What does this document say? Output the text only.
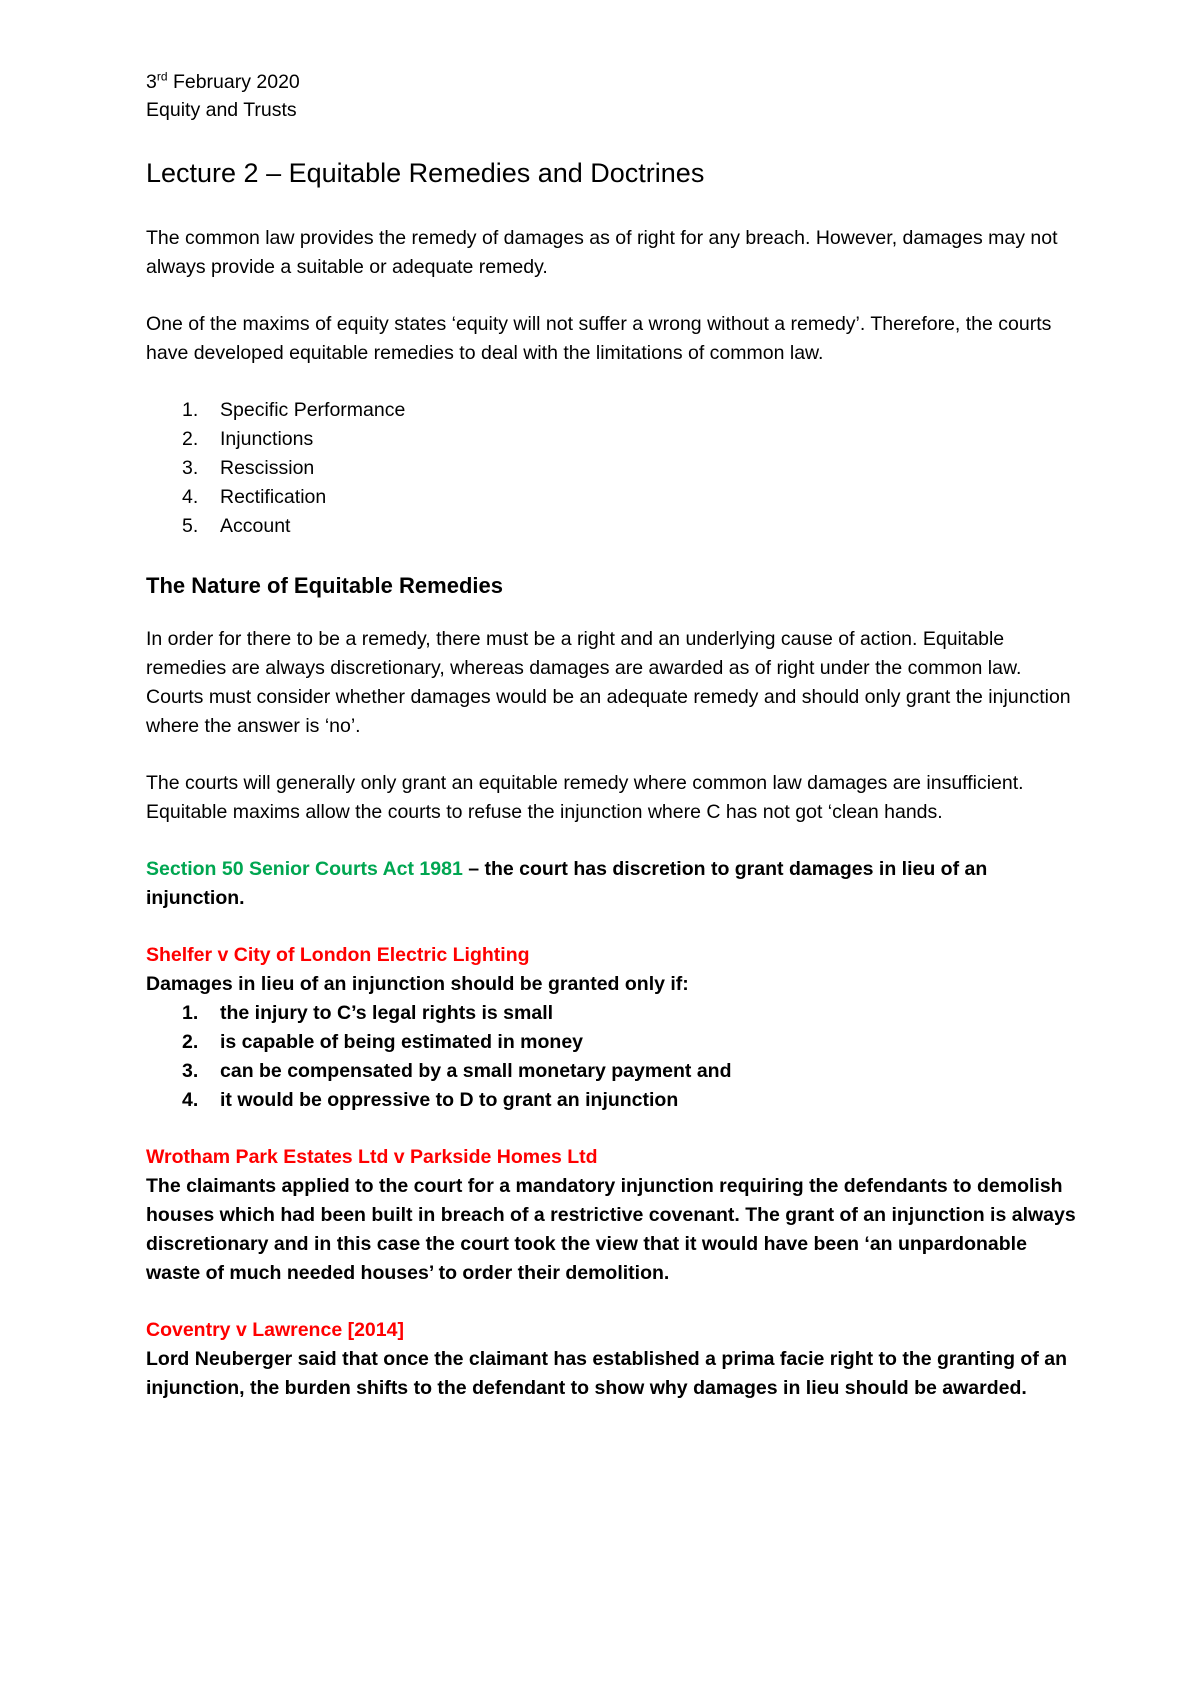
3rd February 2020
Equity and Trusts
Lecture 2 – Equitable Remedies and Doctrines

The common law provides the remedy of damages as of right for any breach. However, damages may not always provide a suitable or adequate remedy.

One of the maxims of equity states ‘equity will not suffer a wrong without a remedy’. Therefore, the courts have developed equitable remedies to deal with the limitations of common law.

1. Specific Performance
2. Injunctions
3. Rescission
4. Rectification
5. Account
The Nature of Equitable Remedies

In order for there to be a remedy, there must be a right and an underlying cause of action. Equitable remedies are always discretionary, whereas damages are awarded as of right under the common law. Courts must consider whether damages would be an adequate remedy and should only grant the injunction where the answer is ‘no’.

The courts will generally only grant an equitable remedy where common law damages are insufficient. Equitable maxims allow the courts to refuse the injunction where C has not got ‘clean hands.

Section 50 Senior Courts Act 1981 – the court has discretion to grant damages in lieu of an injunction.

Shelfer v City of London Electric Lighting
Damages in lieu of an injunction should be granted only if:
1. the injury to C’s legal rights is small
2. is capable of being estimated in money
3. can be compensated by a small monetary payment and
4. it would be oppressive to D to grant an injunction
Wrotham Park Estates Ltd v Parkside Homes Ltd
The claimants applied to the court for a mandatory injunction requiring the defendants to demolish houses which had been built in breach of a restrictive covenant. The grant of an injunction is always discretionary and in this case the court took the view that it would have been ‘an unpardonable waste of much needed houses’ to order their demolition.
Coventry v Lawrence [2014]
Lord Neuberger said that once the claimant has established a prima facie right to the granting of an injunction, the burden shifts to the defendant to show why damages in lieu should be awarded.
